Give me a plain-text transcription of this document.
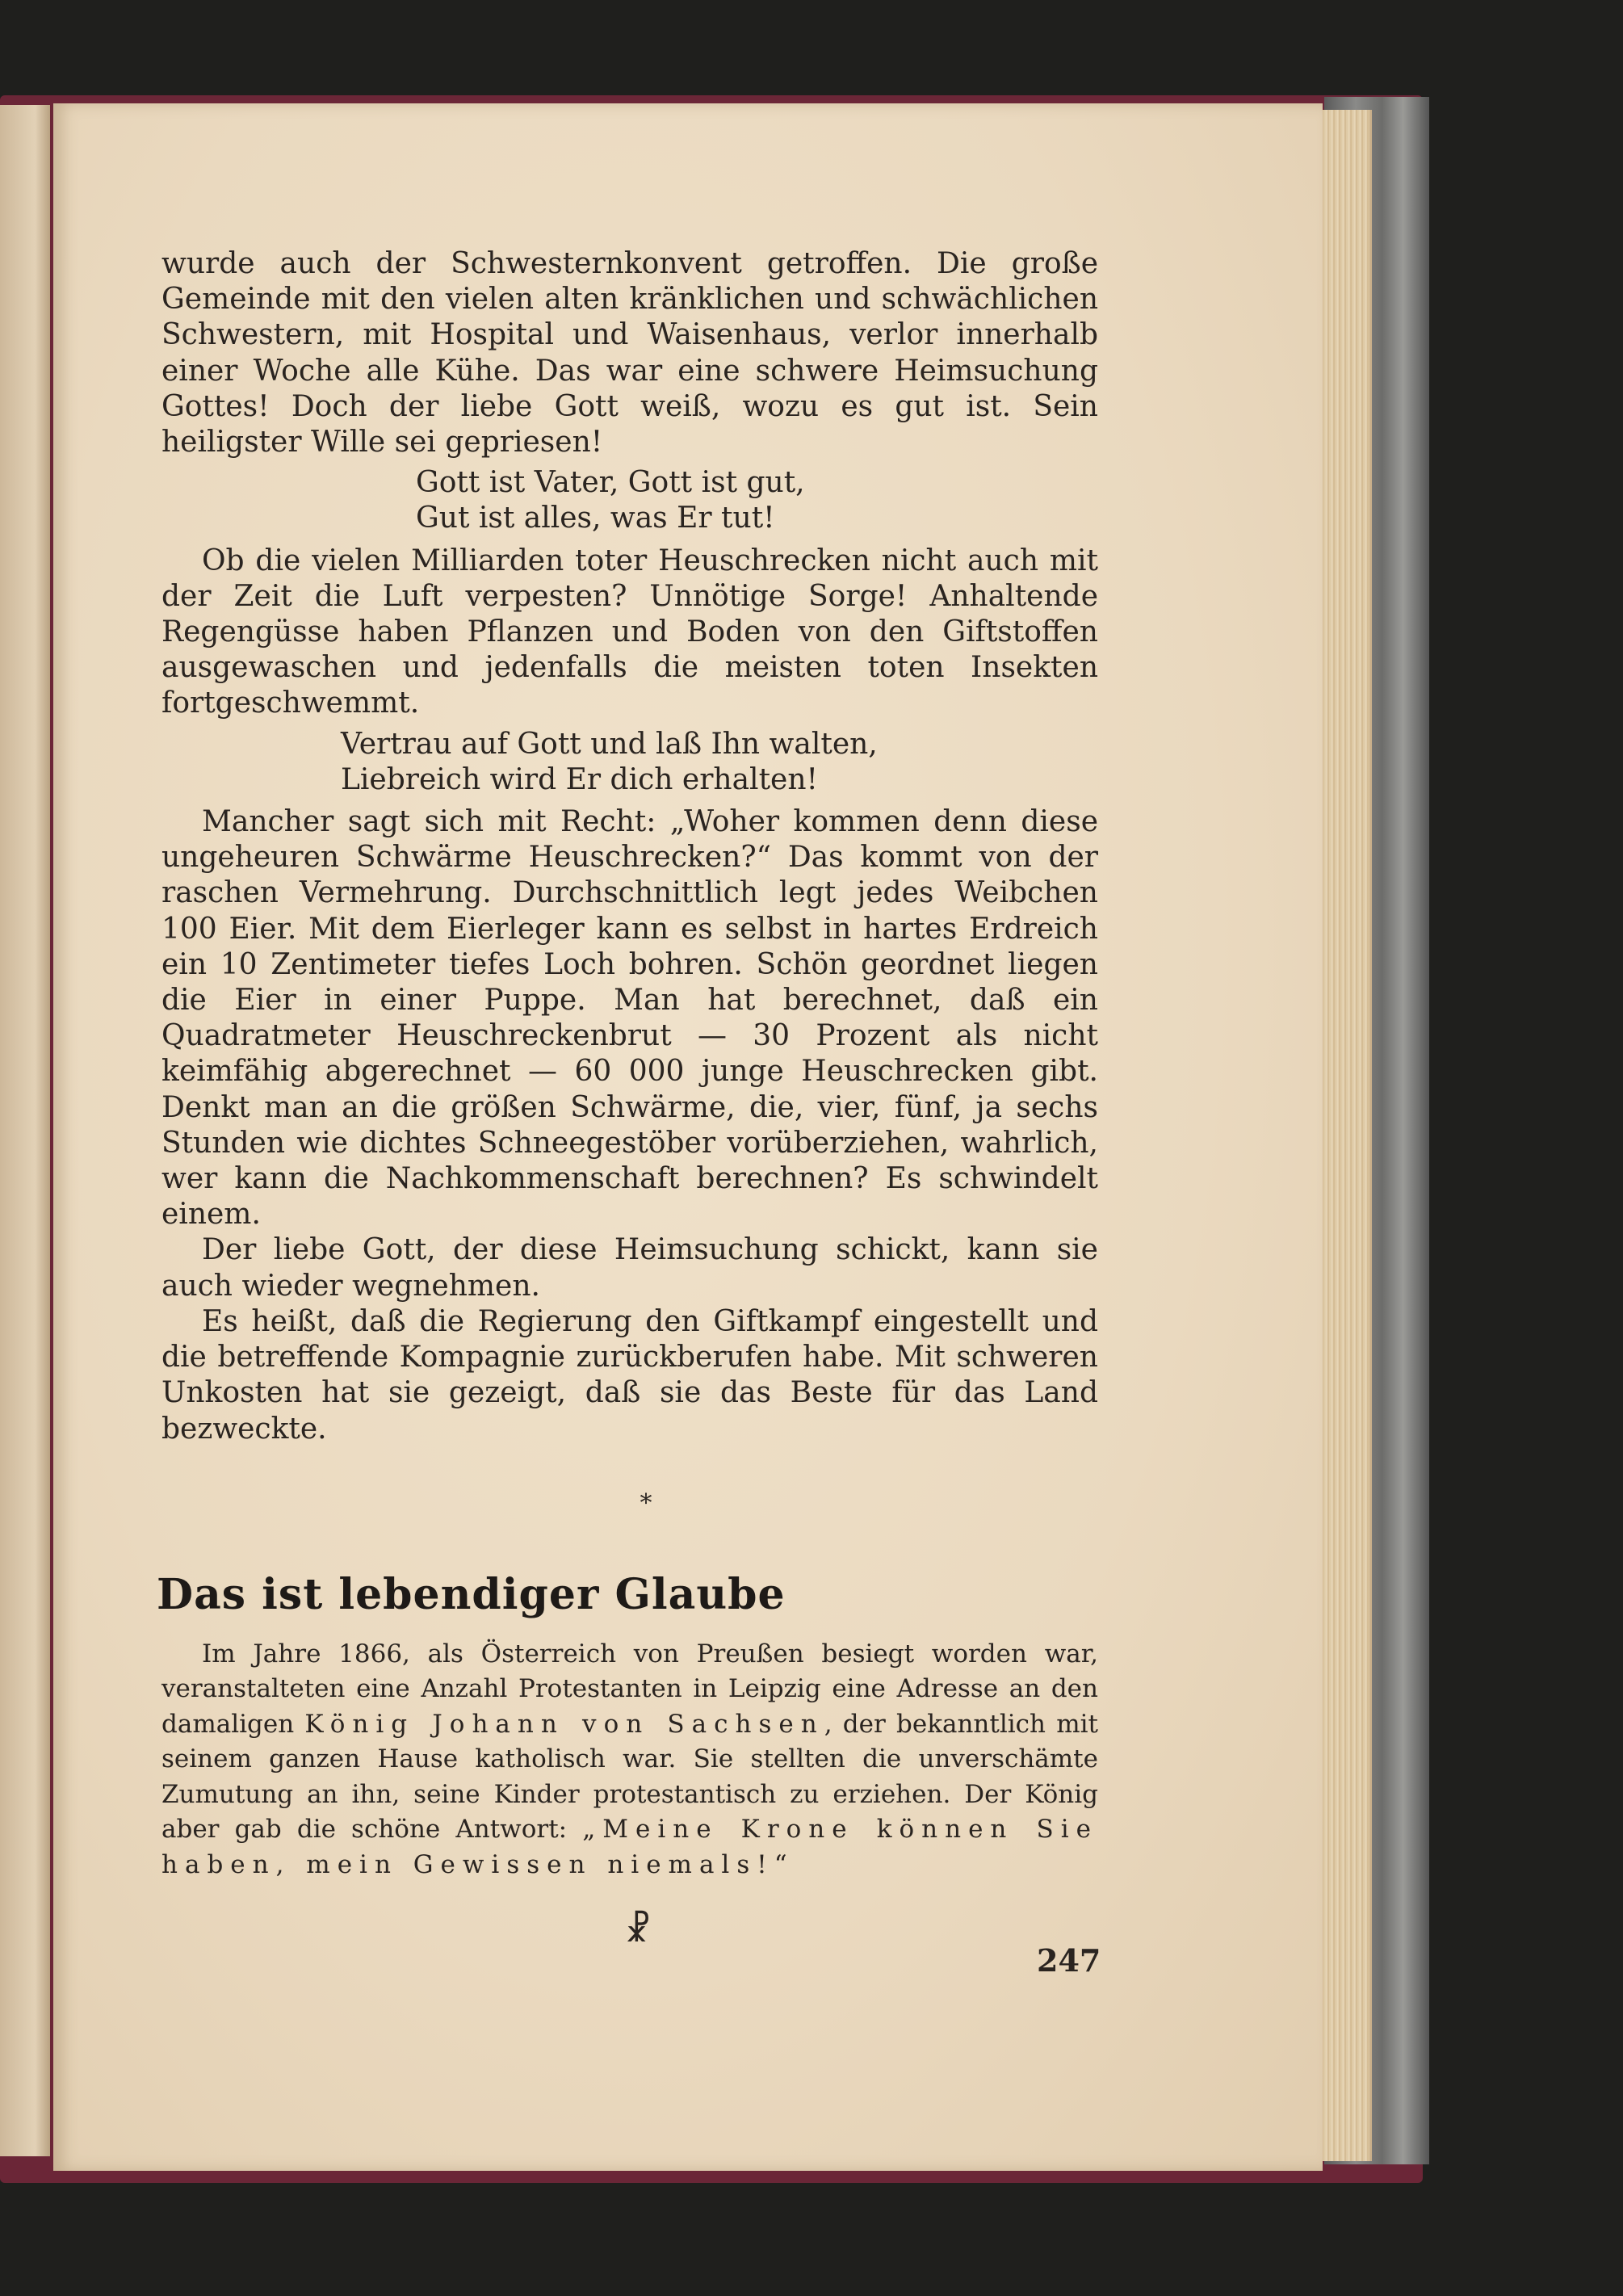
wurde auch der Schwesternkonvent getroffen. Die große Gemeinde mit den vielen alten kränklichen und schwächlichen Schwestern, mit Hospital und Waisenhaus, verlor innerhalb einer Woche alle Kühe. Das war eine schwere Heimsuchung Gottes! Doch der liebe Gott weiß, wozu es gut ist. Sein heiligster Wille sei gepriesen!

Gott ist Vater, Gott ist gut,

Gut ist alles, was Er tut!

Ob die vielen Milliarden toter Heuschrecken nicht auch mit der Zeit die Luft verpesten? Unnötige Sorge! Anhaltende Regengüsse haben Pflanzen und Boden von den Giftstoffen ausgewaschen und jedenfalls die meisten toten Insekten fortgeschwemmt.

Vertrau auf Gott und laß Ihn walten,

Liebreich wird Er dich erhalten!

Mancher sagt sich mit Recht: „Woher kommen denn diese ungeheuren Schwärme Heuschrecken?“ Das kommt von der raschen Vermehrung. Durchschnittlich legt jedes Weibchen 100 Eier. Mit dem Eierleger kann es selbst in hartes Erdreich ein 10 Zentimeter tiefes Loch bohren. Schön geordnet liegen die Eier in einer Puppe. Man hat berechnet, daß ein Quadratmeter Heuschreckenbrut — 30 Prozent als nicht keimfähig abgerechnet — 60 000 junge Heuschrecken gibt. Denkt man an die größen Schwärme, die, vier, fünf, ja sechs Stunden wie dichtes Schneegestöber vorüberziehen, wahrlich, wer kann die Nachkommenschaft berechnen? Es schwindelt einem.

Der liebe Gott, der diese Heimsuchung schickt, kann sie auch wieder wegnehmen.

Es heißt, daß die Regierung den Giftkampf eingestellt und die betreffende Kompagnie zurückberufen habe. Mit schweren Unkosten hat sie gezeigt, daß sie das Beste für das Land bezweckte.

*
Das ist lebendiger Glaube

Im Jahre 1866, als Österreich von Preußen besiegt worden war, veranstalteten eine Anzahl Protestanten in Leipzig eine Adresse an den damaligen König Johann von Sachsen, der bekanntlich mit seinem ganzen Hause katholisch war. Sie stellten die unverschämte Zumutung an ihn, seine Kinder protestantisch zu erziehen. Der König aber gab die schöne Antwort: „Meine Krone können Sie haben, mein Gewissen niemals!“

☧
247
